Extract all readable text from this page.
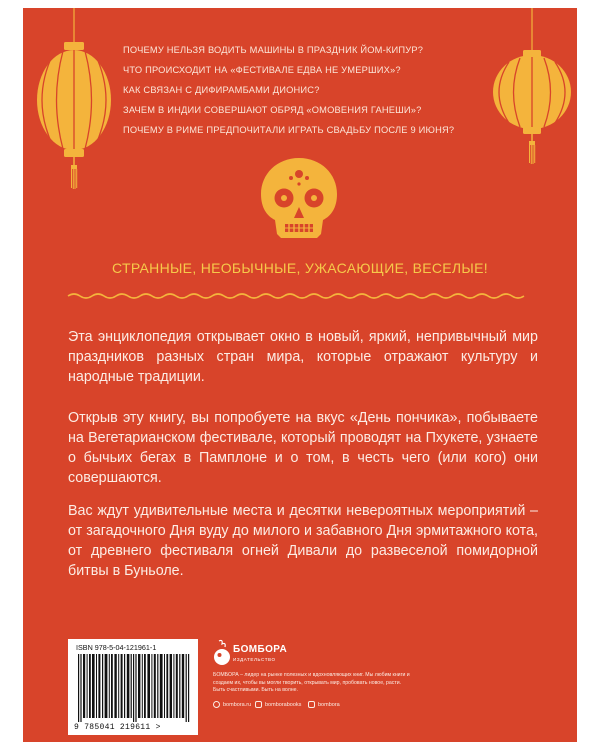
ПОЧЕМУ НЕЛЬЗЯ ВОДИТЬ МАШИНЫ В ПРАЗДНИК ЙОМ-КИПУР?
ЧТО ПРОИСХОДИТ НА «ФЕСТИВАЛЕ ЕДВА НЕ УМЕРШИХ»?
КАК СВЯЗАН С ДИФИРАМБАМИ ДИОНИС?
ЗАЧЕМ В ИНДИИ СОВЕРШАЮТ ОБРЯД «ОМОВЕНИЯ ГАНЕШИ»?
ПОЧЕМУ В РИМЕ ПРЕДПОЧИТАЛИ ИГРАТЬ СВАДЬБУ ПОСЛЕ 9 ИЮНЯ?
СТРАННЫЕ, НЕОБЫЧНЫЕ, УЖАСАЮЩИЕ, ВЕСЕЛЫЕ!
Эта энциклопедия открывает окно в новый, яркий, непривычный мир праздников разных стран мира, которые отражают культуру и народные традиции.
Открыв эту книгу, вы попробуете на вкус «День пончика», побываете на Вегетарианском фестивале, который проводят на Пхукете, узнаете о бычьих бегах в Памплоне и о том, в честь чего (или кого) они совершаются.
Вас ждут удивительные места и десятки невероятных мероприятий – от загадочного Дня вуду до милого и забавного Дня эрмитажного кота, от древнего фестиваля огней Дивали до развеселой помидорной битвы в Буньоле.
ISBN 978-5-04-121961-1
9 785041 219611 >
БОМБОРА
ИЗДАТЕЛЬСТВО
БОМБОРА – лидер на рынке полезных и вдохновляющих книг. Мы любим книги и создаем их, чтобы вы могли творить, открывать мир, пробовать новое, расти. Быть счастливыми. Быть на волне.
bombora.ru	bomborabooks	bombora
